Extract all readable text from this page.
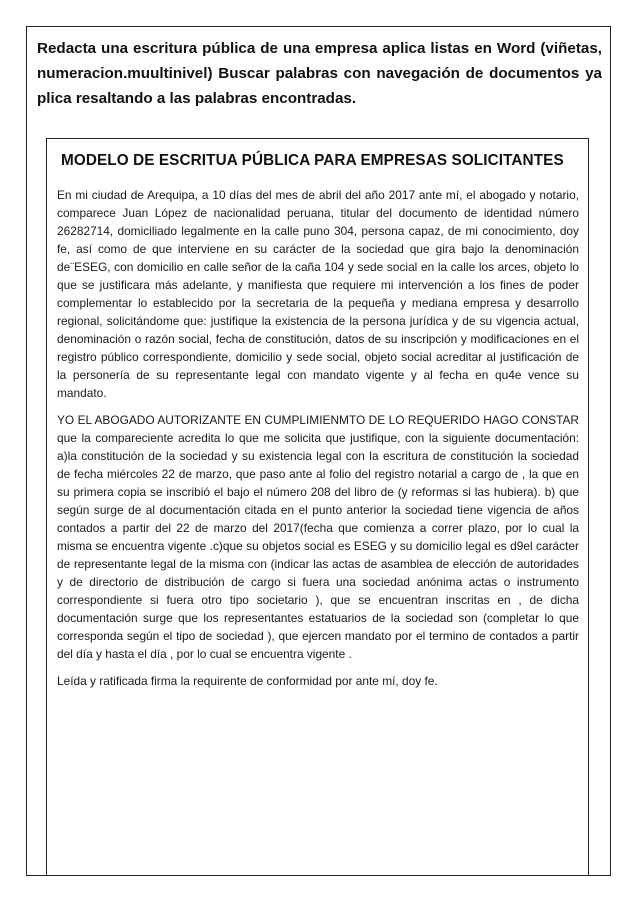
Redacta una escritura pública de una empresa aplica listas en Word (viñetas, numeracion.muultinivel) Buscar palabras con navegación de documentos ya plica resaltando a las palabras encontradas.
MODELO DE ESCRITUA PÚBLICA PARA EMPRESAS SOLICITANTES

En mi ciudad de Arequipa, a 10 días del mes de abril del año 2017 ante mí, el abogado y notario, comparece Juan López de nacionalidad peruana, titular del documento de identidad número 26282714, domiciliado legalmente en la calle puno 304, persona capaz, de mi conocimiento, doy fe, así como de que interviene en su carácter de la sociedad que gira bajo la denominación de¨ESEG, con domicilio en calle señor de la caña 104 y sede social en la calle los arces, objeto lo que se justificara más adelante, y manifiesta que requiere mi intervención a los fines de poder complementar lo establecido por la secretaria de la pequeña y mediana empresa y desarrollo regional, solicitándome que: justifique la existencia de la persona jurídica y de su vigencia actual, denominación o razón social, fecha de constitución, datos de su inscripción y modificaciones en el registro público correspondiente, domicilio y sede social, objeto social acreditar al justificación de la personería de su representante legal con mandato vigente y al fecha en qu4e vence su mandato.

YO EL ABOGADO AUTORIZANTE EN CUMPLIMIENMTO DE LO REQUERIDO HAGO CONSTAR que la compareciente acredita lo que me solicita que justifique, con la siguiente documentación: a)la constitución de la sociedad y su existencia legal con la escritura de constitución la sociedad de fecha miércoles 22 de marzo, que paso ante al folio del registro notarial a cargo de , la que en su primera copia se inscribió el bajo el número 208 del libro de (y reformas si las hubiera). b) que según surge de al documentación citada en el punto anterior la sociedad tiene vigencia de años contados a partir del 22 de marzo del 2017(fecha que comienza a correr plazo, por lo cual la misma se encuentra vigente .c)que su objetos social es ESEG y su domicilio legal es d9el carácter de representante legal de la misma con (indicar las actas de asamblea de elección de autoridades y de directorio de distribución de cargo si fuera una sociedad anónima actas o instrumento correspondiente si fuera otro tipo societario ), que se encuentran inscritas en , de dicha documentación surge que los representantes estatuarios de la sociedad son (completar lo que corresponda según el tipo de sociedad ), que ejercen mandato por el termino de contados a partir del día y hasta el día , por lo cual se encuentra vigente .

Leída y ratificada firma la requirente de conformidad por ante mí, doy fe.
